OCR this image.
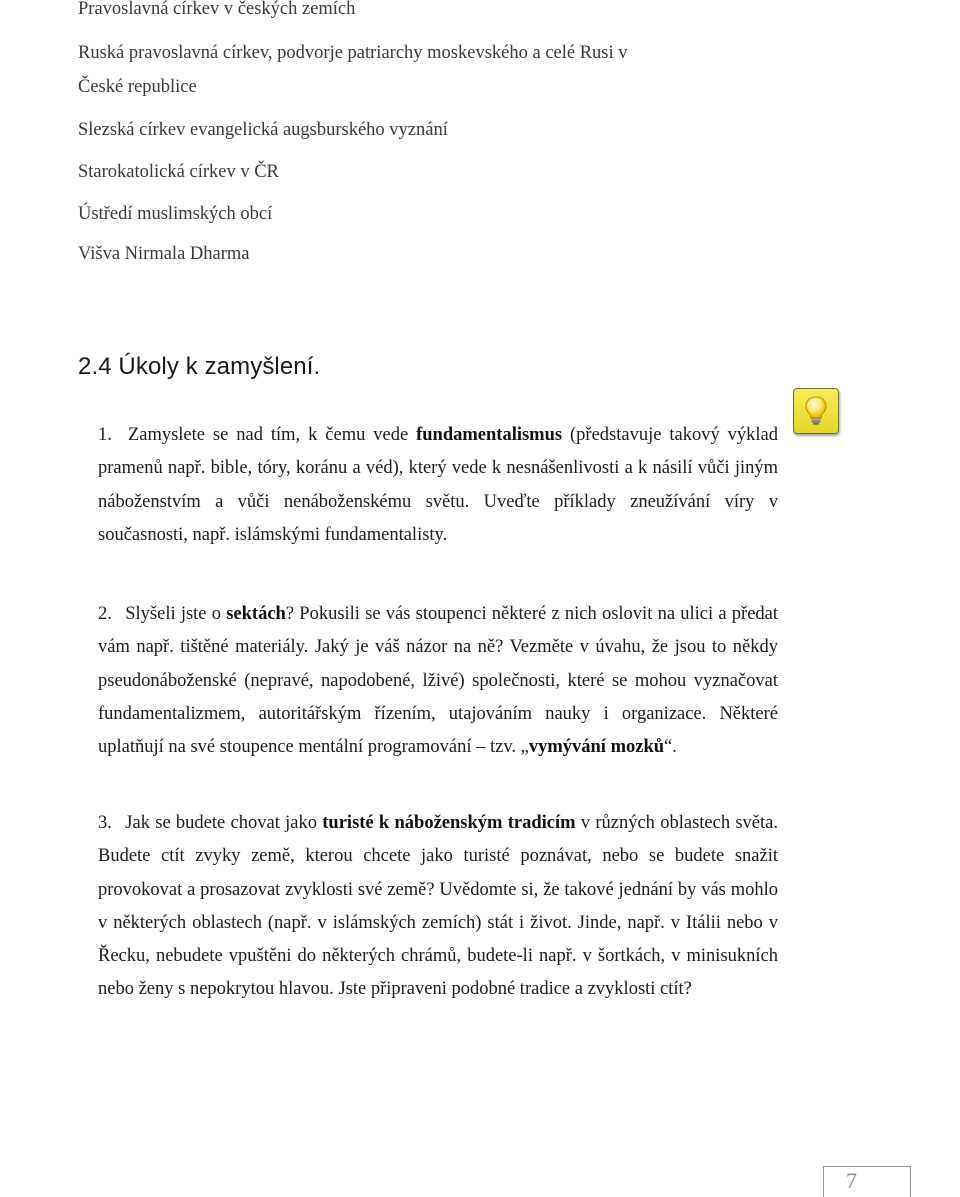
Pravoslavná církev v českých zemích
Ruská pravoslavná církev, podvorje patriarchy moskevského a celé Rusi v
České republice
Slezská církev evangelická augsburského vyznání
Starokatolická církev v ČR
Ústředí muslimských obcí
Višva Nirmala Dharma
2.4 Úkoly k zamyšlení.
1. Zamyslete se nad tím, k čemu vede fundamentalismus (představuje takový výklad pramenů např. bible, tóry, koránu a véd), který vede k nesnášenlivosti a k násilí vůči jiným náboženstvím a vůči nenáboženskému světu. Uveďte příklady zneužívání víry v současnosti, např. islámskými fundamentalisty.
2. Slyšeli jste o sektách? Pokusili se vás stoupenci některé z nich oslovit na ulici a předat vám např. tištěné materiály. Jaký je váš názor na ně? Vezměte v úvahu, že jsou to někdy pseudonáboženské (nepravé, napodobené, lživé) společnosti, které se mohou vyznačovat fundamentalizmem, autoritářským řízením, utajováním nauky i organizace. Některé uplatňují na své stoupence mentální programování – tzv. „vymývání mozků“.
3. Jak se budete chovat jako turisté k náboženským tradicím v různých oblastech světa. Budete ctít zvyky země, kterou chcete jako turisté poznávat, nebo se budete snažit provokovat a prosazovat zvyklosti své země? Uvědomte si, že takové jednání by vás mohlo v některých oblastech (např. v islámských zemích) stát i život. Jinde, např. v Itálii nebo v Řecku, nebudete vpuštěni do některých chrámů, budete-li např. v šortkách, v minisukních nebo ženy s nepokrytou hlavou. Jste připraveni podobné tradice a zvyklosti ctít?
7
